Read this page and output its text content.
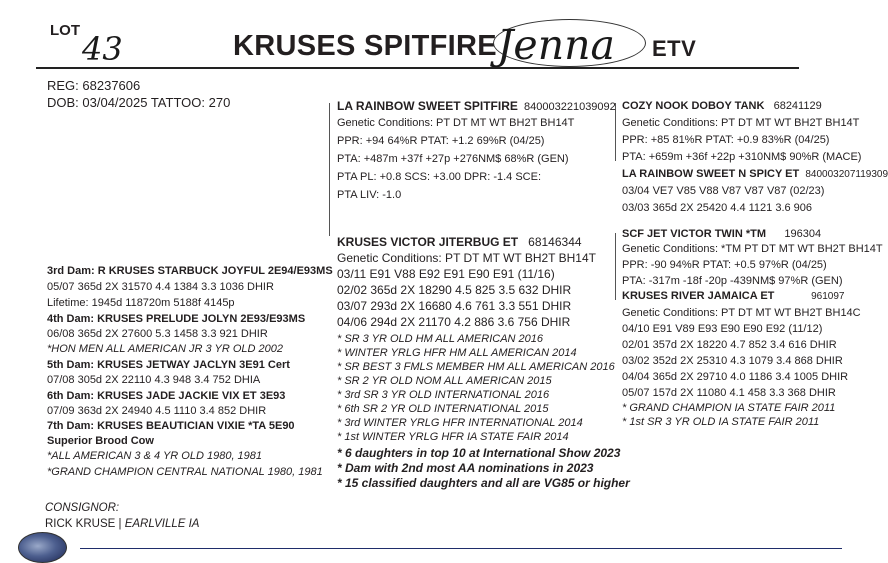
LOT 43	KRUSES SPITFIRE Jenna ETV
REG: 68237606
DOB: 03/04/2025 TATTOO: 270	LA RAINBOW SWEET SPITFIRE 840003221039092
Genetic Conditions: PT DT MT WT BH2T BH14T
PPR: +94 64%R PTAT: +1.2 69%R (04/25)
PTA: +487m +37f +27p +276NM$ 68%R (GEN)
PTA PL: +0.8 SCS: +3.00 DPR: -1.4 SCE:
PTA LIV: -1.0
COZY NOOK DOBOY TANK 68241129
Genetic Conditions: PT DT MT WT BH2T BH14T
PPR: +85 81%R PTAT: +0.9 83%R (04/25)
PTA: +659m +36f +22p +310NM$ 90%R (MACE)
LA RAINBOW SWEET N SPICY ET 840003207119309
03/04 VE7 V85 V88 V87 V87 V87 (02/23)
03/03 365d 2X 25420 4.4 1121 3.6 906
KRUSES VICTOR JITERBUG ET 68146344
Genetic Conditions: PT DT MT WT BH2T BH14T
03/11 E91 V88 E92 E91 E90 E91 (11/16)
02/02 365d 2X 18290 4.5 825 3.5 632 DHIR
03/07 293d 2X 16680 4.6 761 3.3 551 DHIR
04/06 294d 2X 21170 4.2 886 3.6 756 DHIR
* SR 3 YR OLD HM ALL AMERICAN 2016
* WINTER YRLG HFR HM ALL AMERICAN 2014
* SR BEST 3 FMLS MEMBER HM ALL AMERICAN 2016
* SR 2 YR OLD NOM ALL AMERICAN 2015
* 3rd SR 3 YR OLD INTERNATIONAL 2016
* 6th SR 2 YR OLD INTERNATIONAL 2015
* 3rd WINTER YRLG HFR INTERNATIONAL 2014
* 1st WINTER YRLG HFR IA STATE FAIR 2014
* 6 daughters in top 10 at International Show 2023
* Dam with 2nd most AA nominations in 2023
* 15 classified daughters and all are VG85 or higher
SCF JET VICTOR TWIN *TM 196304
Genetic Conditions: *TM PT DT MT WT BH2T BH14T
PPR: -90 94%R PTAT: +0.5 97%R (04/25)
PTA: -317m -18f -20p -439NM$ 97%R (GEN)
KRUSES RIVER JAMAICA ET	961097
Genetic Conditions: PT DT MT WT BH2T BH14C
04/10 E91 V89 E93 E90 E90 E92 (11/12)
02/01 357d 2X 18220 4.7 852 3.4 616 DHIR
03/02 352d 2X 25310 4.3 1079 3.4 868 DHIR
04/04 365d 2X 29710 4.0 1186 3.4 1005 DHIR
05/07 157d 2X 11080 4.1 458 3.3 368 DHIR
* GRAND CHAMPION IA STATE FAIR 2011
* 1st SR 3 YR OLD IA STATE FAIR 2011
3rd Dam: R KRUSES STARBUCK JOYFUL 2E94/E93MS
05/07 365d 2X 31570 4.4 1384 3.3 1036 DHIR
Lifetime: 1945d 118720m 5188f 4145p
4th Dam: KRUSES PRELUDE JOLYN 2E93/E93MS
06/08 365d 2X 27600 5.3 1458 3.3 921 DHIR
*HON MEN ALL AMERICAN JR 3 YR OLD 2002
5th Dam: KRUSES JETWAY JACLYN 3E91 Cert
07/08 305d 2X 22110 4.3 948 3.4 752 DHIA
6th Dam: KRUSES JADE JACKIE VIX ET 3E93
07/09 363d 2X 24940 4.5 1110 3.4 852 DHIR
7th Dam: KRUSES BEAUTICIAN VIXIE *TA 5E90
Superior Brood Cow
*ALL AMERICAN 3 & 4 YR OLD 1980, 1981
*GRAND CHAMPION CENTRAL NATIONAL 1980, 1981
CONSIGNOR:
RICK KRUSE | EARLVILLE IA
